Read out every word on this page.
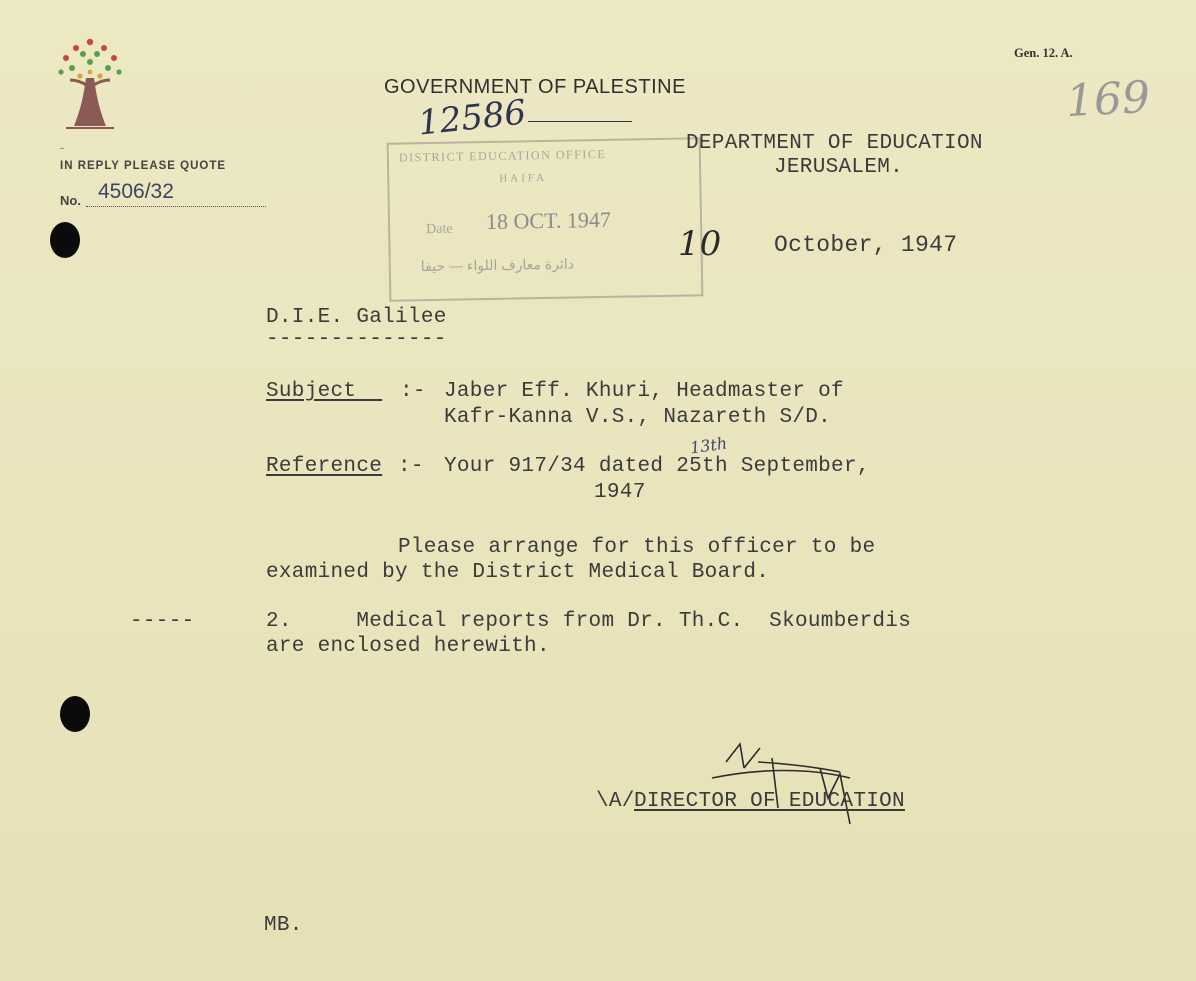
ـ
IN REPLY PLEASE QUOTE
No. 4506/32
GOVERNMENT OF PALESTINE
Gen. 12. A.
169
12586
DISTRICT EDUCATION OFFICE
HAIFA
Date 18 OCT. 1947
دائرة معارف اللواء — حيفا
DEPARTMENT OF EDUCATION
JERUSALEM.
10 October, 1947
D.I.E. Galilee
--------------
Subject :- Jaber Eff. Khuri, Headmaster of
Kafr-Kanna V.S., Nazareth S/D.
Reference :- Your 917/34 dated 25th September,
1947
13th
Please arrange for this officer to be
examined by the District Medical Board.
-----	2.     Medical reports from Dr. Th.C.  Skoumberdis
are enclosed herewith.
\A/ DIRECTOR OF EDUCATION
MB.
